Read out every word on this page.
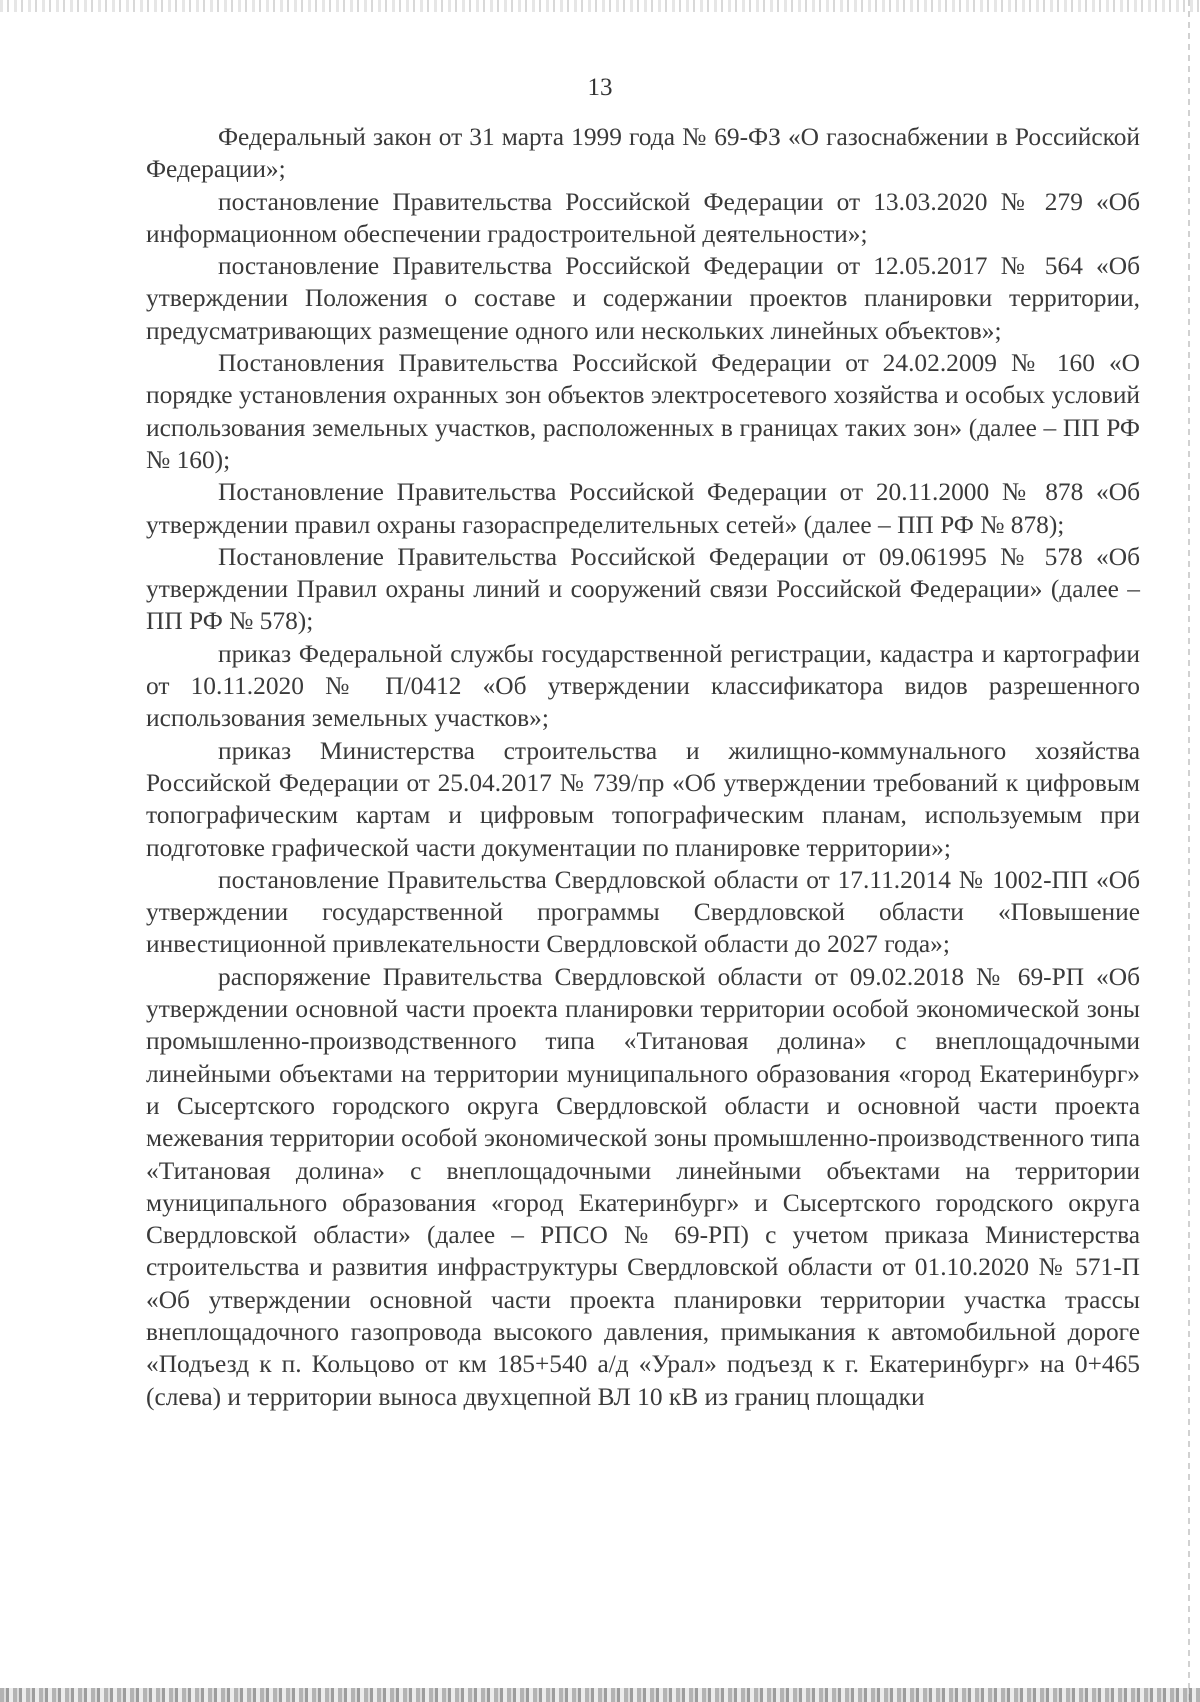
13

Федеральный закон от 31 марта 1999 года № 69-ФЗ «О газоснабжении в Российской Федерации»;

постановление Правительства Российской Федерации от 13.03.2020 № 279 «Об информационном обеспечении градостроительной деятельности»;

постановление Правительства Российской Федерации от 12.05.2017 № 564 «Об утверждении Положения о составе и содержании проектов планировки территории, предусматривающих размещение одного или нескольких линейных объектов»;

Постановления Правительства Российской Федерации от 24.02.2009 № 160 «О порядке установления охранных зон объектов электросетевого хозяйства и особых условий использования земельных участков, расположенных в границах таких зон» (далее – ПП РФ № 160);

Постановление Правительства Российской Федерации от 20.11.2000 № 878 «Об утверждении правил охраны газораспределительных сетей» (далее – ПП РФ № 878);

Постановление Правительства Российской Федерации от 09.061995 № 578 «Об утверждении Правил охраны линий и сооружений связи Российской Федерации» (далее – ПП РФ № 578);

приказ Федеральной службы государственной регистрации, кадастра и картографии от 10.11.2020 № П/0412 «Об утверждении классификатора видов разрешенного использования земельных участков»;

приказ Министерства строительства и жилищно-коммунального хозяйства Российской Федерации от 25.04.2017 № 739/пр «Об утверждении требований к цифровым топографическим картам и цифровым топографическим планам, используемым при подготовке графической части документации по планировке территории»;

постановление Правительства Свердловской области от 17.11.2014 № 1002-ПП «Об утверждении государственной программы Свердловской области «Повышение инвестиционной привлекательности Свердловской области до 2027 года»;

распоряжение Правительства Свердловской области от 09.02.2018 № 69-РП «Об утверждении основной части проекта планировки территории особой экономической зоны промышленно-производственного типа «Титановая долина» с внеплощадочными линейными объектами на территории муниципального образования «город Екатеринбург» и Сысертского городского округа Свердловской области и основной части проекта межевания территории особой экономической зоны промышленно-производственного типа «Титановая долина» с внеплощадочными линейными объектами на территории муниципального образования «город Екатеринбург» и Сысертского городского округа Свердловской области» (далее – РПСО № 69-РП) с учетом приказа Министерства строительства и развития инфраструктуры Свердловской области от 01.10.2020 № 571-П «Об утверждении основной части проекта планировки территории участка трассы внеплощадочного газопровода высокого давления, примыкания к автомобильной дороге «Подъезд к п. Кольцово от км 185+540 а/д «Урал» подъезд к г. Екатеринбург» на 0+465 (слева) и территории выноса двухцепной ВЛ 10 кВ из границ площадки
